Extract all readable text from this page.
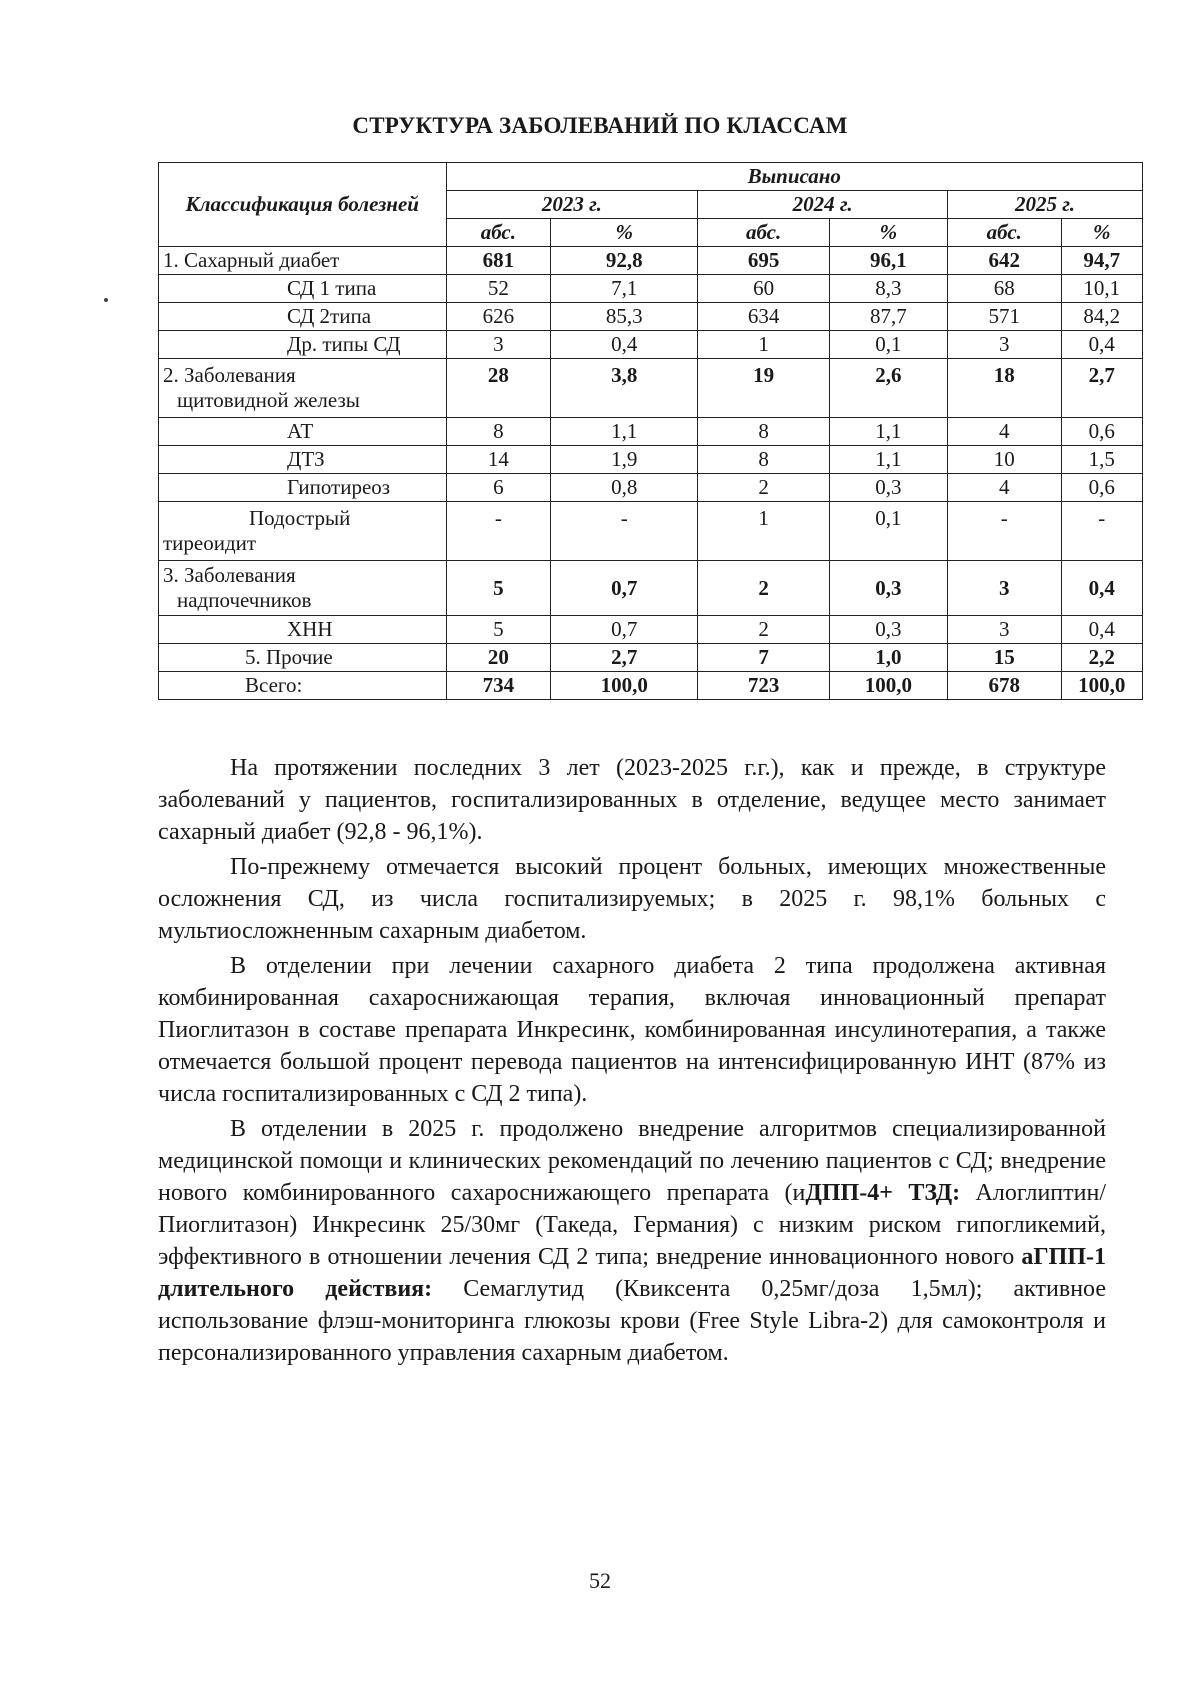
СТРУКТУРА ЗАБОЛЕВАНИЙ ПО КЛАССАМ
Классификация болезней	Выписано					
	2023 г.		2024 г.		2025 г.	
	абс.	%	абс.	%	абс.	%
1. Сахарный диабет	681	92,8	695	96,1	642	94,7
СД 1 типа	52	7,1	60	8,3	68	10,1
СД 2типа	626	85,3	634	87,7	571	84,2
Др. типы СД	3	0,4	1	0,1	3	0,4

2. Заболевания
щитовидной железы	28	3,8	19	2,6	18	2,7
АТ	8	1,1	8	1,1	4	0,6
ДТЗ	14	1,9	8	1,1	10	1,5
Гипотиреоз	6	0,8	2	0,3	4	0,6

Подострый
тиреоидит	-	-	1	0,1	-	-

3. Заболевания
надпочечников	5	0,7	2	0,3	3	0,4
ХНН	5	0,7	2	0,3	3	0,4
5. Прочие	20	2,7	7	1,0	15	2,2
Всего:	734	100,0	723	100,0	678	100,0

На протяжении последних 3 лет (2023-2025 г.г.), как и прежде, в структуре заболеваний у пациентов, госпитализированных в отделение, ведущее место занимает сахарный диабет (92,8 - 96,1%).

По-прежнему отмечается высокий процент больных, имеющих множественные осложнения СД, из числа госпитализируемых; в 2025 г. 98,1% больных с мультиосложненным сахарным диабетом.

В отделении при лечении сахарного диабета 2 типа продолжена активная комбинированная сахароснижающая терапия, включая инновационный препарат Пиоглитазон в составе препарата Инкресинк, комбинированная инсулинотерапия, а также отмечается большой процент перевода пациентов на интенсифицированную ИНТ (87% из числа госпитализированных с СД 2 типа).

В отделении в 2025 г. продолжено внедрение алгоритмов специализированной медицинской помощи и клинических рекомендаций по лечению пациентов с СД; внедрение нового комбинированного сахароснижающего препарата (иДПП-4+ ТЗД: Алоглиптин/Пиоглитазон) Инкресинк 25/30мг (Такеда, Германия) с низким риском гипогликемий, эффективного в отношении лечения СД 2 типа; внедрение инновационного нового аГПП-1 длительного действия: Семаглутид (Квиксента 0,25мг/доза 1,5мл); активное использование флэш-мониторинга глюкозы крови (Free Style Libra-2) для самоконтроля и персонализированного управления сахарным диабетом.

52
